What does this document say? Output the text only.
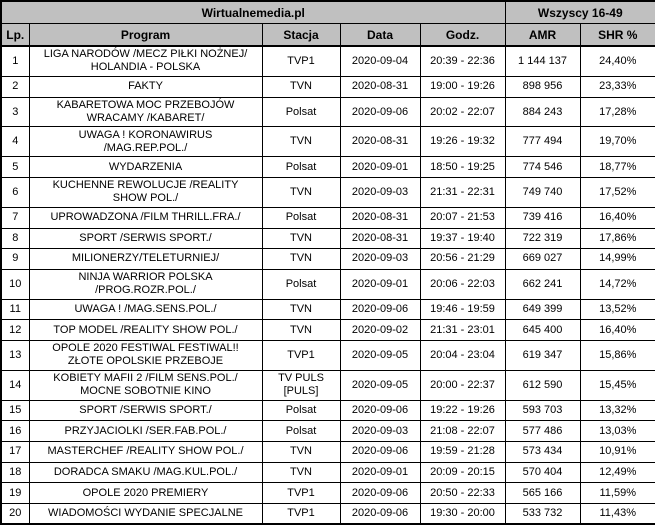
Wirtualnemedia.pl					Wszyscy 16-49	
Lp.	Program	Stacja	Data	Godz.	AMR	SHR %
1	LIGA NARODÓW /MECZ PIŁKI NOŻNEJ/
HOLANDIA - POLSKA	TVP1	2020-09-04	20:39 - 22:36	1 144 137	24,40%
2	FAKTY	TVN	2020-08-31	19:00 - 19:26	898 956	23,33%
3	KABARETOWA MOC PRZEBOJÓW
WRACAMY /KABARET/	Polsat	2020-09-06	20:02 - 22:07	884 243	17,28%
4	UWAGA ! KORONAWIRUS
/MAG.REP.POL./	TVN	2020-08-31	19:26 - 19:32	777 494	19,70%
5	WYDARZENIA	Polsat	2020-09-01	18:50 - 19:25	774 546	18,77%
6	KUCHENNE REWOLUCJE /REALITY
SHOW POL./	TVN	2020-09-03	21:31 - 22:31	749 740	17,52%
7	UPROWADZONA /FILM THRILL.FRA./	Polsat	2020-08-31	20:07 - 21:53	739 416	16,40%
8	SPORT /SERWIS SPORT./	TVN	2020-08-31	19:37 - 19:40	722 319	17,86%
9	MILIONERZY/TELETURNIEJ/	TVN	2020-09-03	20:56 - 21:29	669 027	14,99%
10	NINJA WARRIOR POLSKA
/PROG.ROZR.POL./	Polsat	2020-09-01	20:06 - 22:03	662 241	14,72%
11	UWAGA ! /MAG.SENS.POL./	TVN	2020-09-06	19:46 - 19:59	649 399	13,52%
12	TOP MODEL /REALITY SHOW POL./	TVN	2020-09-02	21:31 - 23:01	645 400	16,40%
13	OPOLE 2020 FESTIWAL FESTIWAL!!
ZŁOTE OPOLSKIE PRZEBOJE	TVP1	2020-09-05	20:04 - 23:04	619 347	15,86%
14	KOBIETY MAFII 2 /FILM SENS.POL./
MOCNE SOBOTNIE KINO	TV PULS
[PULS]	2020-09-05	20:00 - 22:37	612 590	15,45%
15	SPORT /SERWIS SPORT./	Polsat	2020-09-06	19:22 - 19:26	593 703	13,32%
16	PRZYJACIOLKI /SER.FAB.POL./	Polsat	2020-09-03	21:08 - 22:07	577 486	13,03%
17	MASTERCHEF /REALITY SHOW POL./	TVN	2020-09-06	19:59 - 21:28	573 434	10,91%
18	DORADCA SMAKU /MAG.KUL.POL./	TVN	2020-09-01	20:09 - 20:15	570 404	12,49%
19	OPOLE 2020 PREMIERY	TVP1	2020-09-06	20:50 - 22:33	565 166	11,59%
20	WIADOMOŚCI WYDANIE SPECJALNE	TVP1	2020-09-06	19:30 - 20:00	533 732	11,43%
